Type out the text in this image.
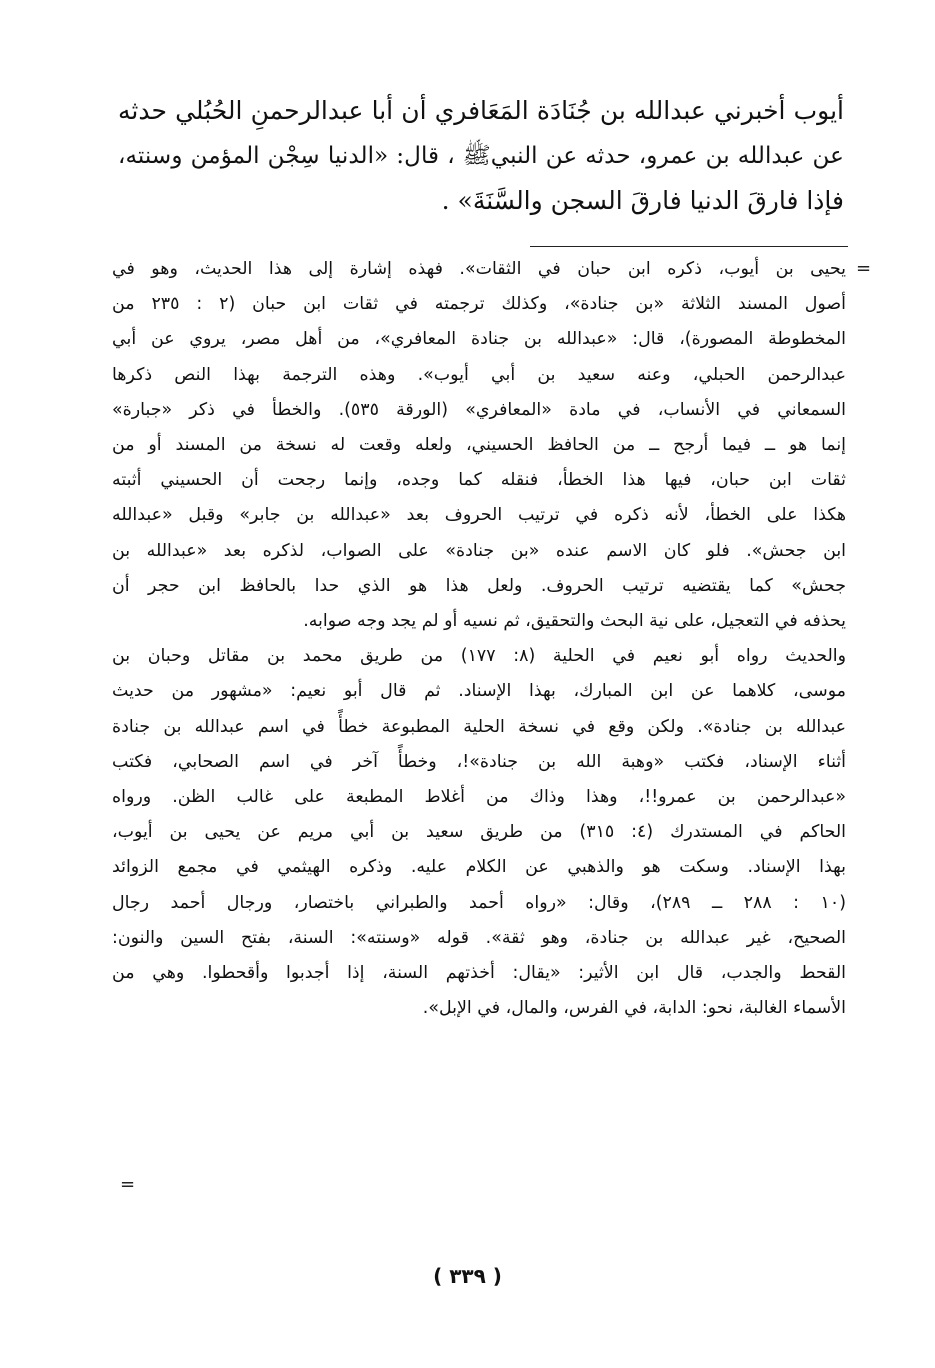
أيوب أخبرني عبدالله بن جُنَادَة المَعَافري أن أبا عبدالرحمنِ الحُبُلي حدثه

عن عبدالله بن عمرو، حدثه عن النبيﷺ ، قال: «الدنيا سِجْن المؤمن وسنته،

فإذا فارقَ الدنيا فارقَ السجن والسَّنَةَ» .

=

يحيى بن أيوب، ذكره ابن حبان في الثقات». فهذه إشارة إلى هذا الحديث، وهو في

أصول المسند الثلاثة «بن جنادة»، وكذلك ترجمته في ثقات ابن حبان (٢ : ٢٣٥ من

المخطوطة المصورة)، قال: «عبدالله بن جنادة المعافري»، من أهل مصر، يروي عن أبي

عبدالرحمن الحبلي، وعنه سعيد بن أبي أيوب». وهذه الترجمة بهذا النص ذكرها

السمعاني في الأنساب، في مادة «المعافري» (الورقة ٥٣٥). والخطأ في ذكر «جبارة»

إنما هو ــ فيما أرجح ــ من الحافظ الحسيني، ولعله وقعت له نسخة من المسند أو من

ثقات ابن حبان، فيها هذا الخطأ، فنقله كما وجده، وإنما رجحت أن الحسيني أثبته

هكذا على الخطأ، لأنه ذكره في ترتيب الحروف بعد «عبدالله بن جابر» وقبل «عبدالله

ابن جحش». فلو كان الاسم عنده «بن جنادة» على الصواب، لذكره بعد «عبدالله بن

جحش» كما يقتضيه ترتيب الحروف. ولعل هذا هو الذي حدا بالحافظ ابن حجر أن

يحذفه في التعجيل، على نية البحث والتحقيق، ثم نسيه أو لم يجد وجه صوابه.

والحديث رواه أبو نعيم في الحلية (٨: ١٧٧) من طريق محمد بن مقاتل وحبان بن

موسى، كلاهما عن ابن المبارك، بهذا الإسناد. ثم قال أبو نعيم: «مشهور من حديث

عبدالله بن جنادة». ولكن وقع في نسخة الحلية المطبوعة خطأً في اسم عبدالله بن جنادة

أثناء الإسناد، فكتب «وهبة الله بن جنادة»!، وخطأً آخر في اسم الصحابي، فكتب

«عبدالرحمن بن عمرو!!، وهذا وذاك من أغلاط المطبعة على غالب الظن. ورواه

الحاكم في المستدرك (٤: ٣١٥) من طريق سعيد بن أبي مريم عن يحيى بن أيوب،

بهذا الإسناد. وسكت هو والذهبي عن الكلام عليه. وذكره الهيثمي في مجمع الزوائد

(١٠ : ٢٨٨ ــ ٢٨٩)، وقال: «رواه أحمد والطبراني باختصار، ورجال أحمد رجال

الصحيح، غير عبدالله بن جنادة، وهو ثقة». قوله «وسنته»: السنة، بفتح السين والنون:

القحط والجدب، قال ابن الأثير: «يقال: أخذتهم السنة، إذا أجدبوا وأقحطوا. وهي من

الأسماء الغالبة، نحو: الدابة، في الفرس، والمال، في الإبل».

=
( ٣٣٩ )
